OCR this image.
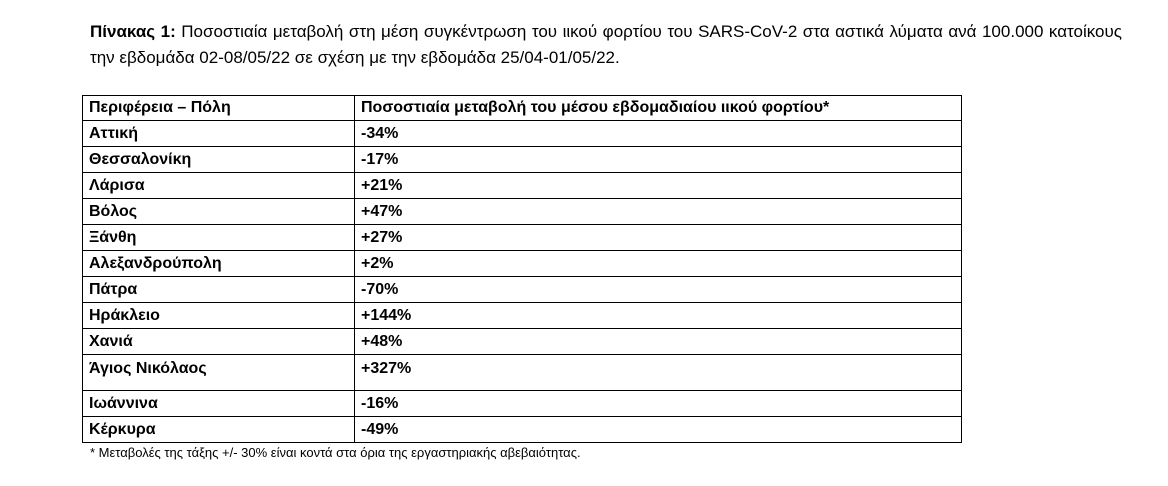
Πίνακας 1: Ποσοστιαία μεταβολή στη μέση συγκέντρωση του ιικού φορτίου του SARS-CoV-2 στα αστικά λύματα ανά 100.000 κατοίκους την εβδομάδα 02-08/05/22 σε σχέση με την εβδομάδα 25/04-01/05/22.
Περιφέρεια – Πόλη	Ποσοστιαία μεταβολή του μέσου εβδομαδιαίου ιικού φορτίου*
Αττική	-34%
Θεσσαλονίκη	-17%
Λάρισα	+21%
Βόλος	+47%
Ξάνθη	+27%
Αλεξανδρούπολη	+2%
Πάτρα	-70%
Ηράκλειο	+144%
Χανιά	+48%
Άγιος Νικόλαος	+327%
Ιωάννινα	-16%
Κέρκυρα	-49%
* Μεταβολές της τάξης +/- 30% είναι κοντά στα όρια της εργαστηριακής αβεβαιότητας.
